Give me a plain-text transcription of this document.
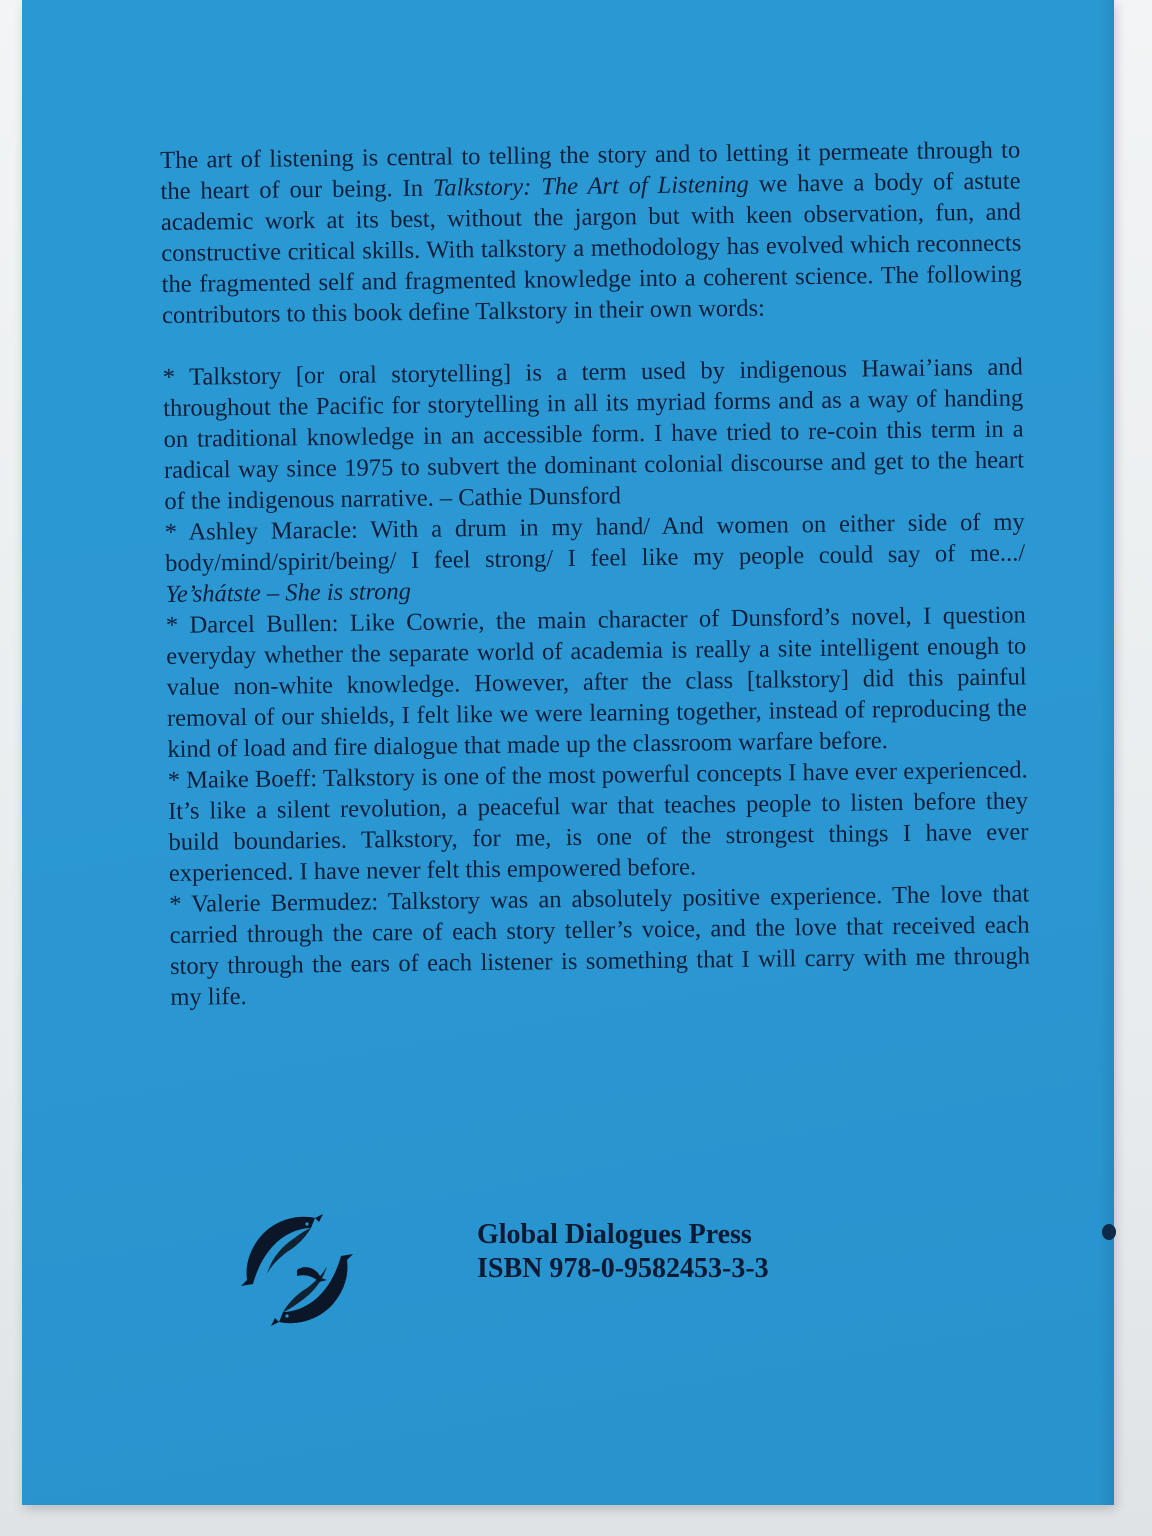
The art of listening is central to telling the story and to letting it permeate through to the heart of our being. In Talkstory: The Art of Listening we have a body of astute academic work at its best, without the jargon but with keen observation, fun, and constructive critical skills. With talkstory a methodology has evolved which reconnects the fragmented self and fragmented knowledge into a coherent science. The following contributors to this book define Talkstory in their own words:

* Talkstory [or oral storytelling] is a term used by indigenous Hawai’ians and throughout the Pacific for storytelling in all its myriad forms and as a way of handing on traditional knowledge in an accessible form. I have tried to re-coin this term in a radical way since 1975 to subvert the dominant colonial discourse and get to the heart of the indigenous narrative. – Cathie Dunsford

* Ashley Maracle: With a drum in my hand/ And women on either side of my body/mind/spirit/being/ I feel strong/ I feel like my people could say of me.../ Ye’shátste – She is strong

* Darcel Bullen: Like Cowrie, the main character of Dunsford’s novel, I question everyday whether the separate world of academia is really a site intelligent enough to value non-white knowledge. However, after the class [talkstory] did this painful removal of our shields, I felt like we were learning together, instead of reproducing the kind of load and fire dialogue that made up the classroom warfare before.

* Maike Boeff: Talkstory is one of the most powerful concepts I have ever experienced. It’s like a silent revolution, a peaceful war that teaches people to listen before they build boundaries. Talkstory, for me, is one of the strongest things I have ever experienced. I have never felt this empowered before.

* Valerie Bermudez: Talkstory was an absolutely positive experience. The love that carried through the care of each story teller’s voice, and the love that received each story through the ears of each listener is something that I will carry with me through my life.

Global Dialogues Press
ISBN 978-0-9582453-3-3
